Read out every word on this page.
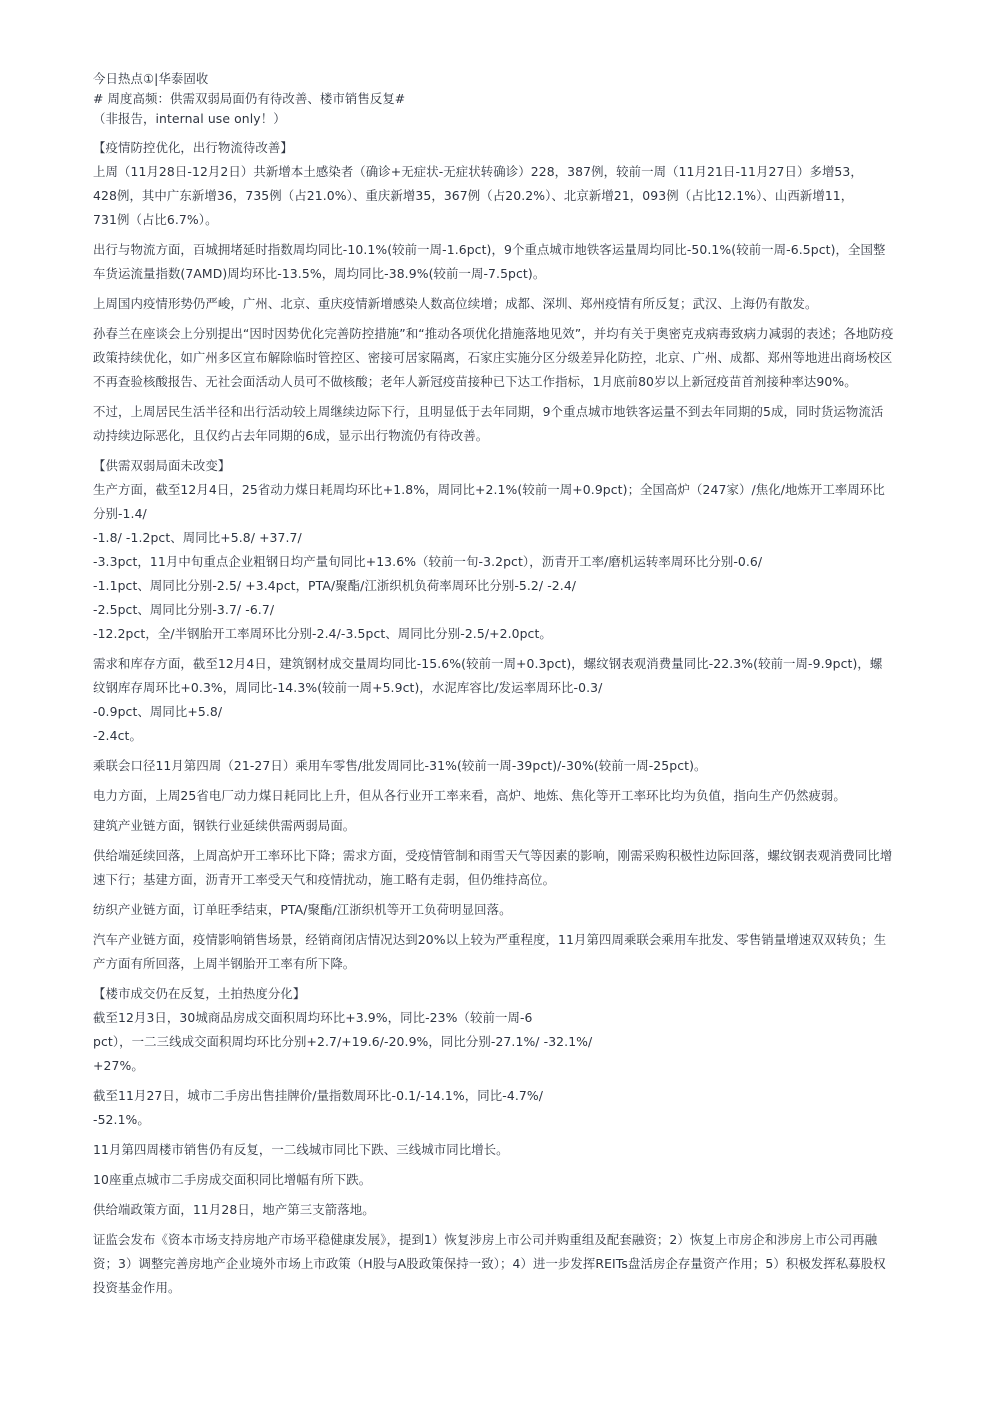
今日热点①|华泰固收
# 周度高频：供需双弱局面仍有待改善、楼市销售反复#
（非报告，internal use only！）
【疫情防控优化，出行物流待改善】
上周（11月28日-12月2日）共新增本土感染者（确诊+无症状-无症状转确诊）228，387例，较前一周（11月21日-11月27日）多增53，
428例，其中广东新增36，735例（占21.0%）、重庆新增35，367例（占20.2%）、北京新增21，093例（占比12.1%）、山西新增11，
731例（占比6.7%）。
出行与物流方面，百城拥堵延时指数周均同比-10.1%(较前一周-1.6pct)，9个重点城市地铁客运量周均同比-50.1%(较前一周-6.5pct)，全国整
车货运流量指数(7AMD)周均环比-13.5%，周均同比-38.9%(较前一周-7.5pct)。
上周国内疫情形势仍严峻，广州、北京、重庆疫情新增感染人数高位续增；成都、深圳、郑州疫情有所反复；武汉、上海仍有散发。
孙春兰在座谈会上分别提出“因时因势优化完善防控措施”和“推动各项优化措施落地见效”，并均有关于奥密克戎病毒致病力减弱的表述；各地防疫
政策持续优化，如广州多区宣布解除临时管控区、密接可居家隔离，石家庄实施分区分级差异化防控，北京、广州、成都、郑州等地进出商场校区
不再查验核酸报告、无社会面活动人员可不做核酸；老年人新冠疫苗接种已下达工作指标，1月底前80岁以上新冠疫苗首剂接种率达90%。
不过，上周居民生活半径和出行活动较上周继续边际下行，且明显低于去年同期，9个重点城市地铁客运量不到去年同期的5成，同时货运物流活
动持续边际恶化，且仅约占去年同期的6成，显示出行物流仍有待改善。
【供需双弱局面未改变】
生产方面，截至12月4日，25省动力煤日耗周均环比+1.8%，周同比+2.1%(较前一周+0.9pct)；全国高炉（247家）/焦化/地炼开工率周环比
分别-1.4/
-1.8/ -1.2pct、周同比+5.8/ +37.7/
-3.3pct，11月中旬重点企业粗钢日均产量旬同比+13.6%（较前一旬-3.2pct），沥青开工率/磨机运转率周环比分别-0.6/
-1.1pct、周同比分别-2.5/ +3.4pct，PTA/聚酯/江浙织机负荷率周环比分别-5.2/ -2.4/
-2.5pct、周同比分别-3.7/ -6.7/
-12.2pct，全/半钢胎开工率周环比分别-2.4/-3.5pct、周同比分别-2.5/+2.0pct。
需求和库存方面，截至12月4日，建筑钢材成交量周均同比-15.6%(较前一周+0.3pct)，螺纹钢表观消费量同比-22.3%(较前一周-9.9pct)，螺
纹钢库存周环比+0.3%，周同比-14.3%(较前一周+5.9ct)，水泥库容比/发运率周环比-0.3/
-0.9pct、周同比+5.8/
-2.4ct。
乘联会口径11月第四周（21-27日）乘用车零售/批发周同比-31%(较前一周-39pct)/-30%(较前一周-25pct)。
电力方面，上周25省电厂动力煤日耗同比上升，但从各行业开工率来看，高炉、地炼、焦化等开工率环比均为负值，指向生产仍然疲弱。
建筑产业链方面，钢铁行业延续供需两弱局面。
供给端延续回落，上周高炉开工率环比下降；需求方面，受疫情管制和雨雪天气等因素的影响，刚需采购积极性边际回落，螺纹钢表观消费同比增
速下行；基建方面，沥青开工率受天气和疫情扰动，施工略有走弱，但仍维持高位。
纺织产业链方面，订单旺季结束，PTA/聚酯/江浙织机等开工负荷明显回落。
汽车产业链方面，疫情影响销售场景，经销商闭店情况达到20%以上较为严重程度，11月第四周乘联会乘用车批发、零售销量增速双双转负；生
产方面有所回落，上周半钢胎开工率有所下降。
【楼市成交仍在反复，土拍热度分化】
截至12月3日，30城商品房成交面积周均环比+3.9%，同比-23%（较前一周-6
pct），一二三线成交面积周均环比分别+2.7/+19.6/-20.9%，同比分别-27.1%/ -32.1%/
+27%。
截至11月27日，城市二手房出售挂牌价/量指数周环比-0.1/-14.1%，同比-4.7%/
-52.1%。
11月第四周楼市销售仍有反复，一二线城市同比下跌、三线城市同比增长。
10座重点城市二手房成交面积同比增幅有所下跌。
供给端政策方面，11月28日，地产第三支箭落地。
证监会发布《资本市场支持房地产市场平稳健康发展》，提到1）恢复涉房上市公司并购重组及配套融资；2）恢复上市房企和涉房上市公司再融
资；3）调整完善房地产企业境外市场上市政策（H股与A股政策保持一致）；4）进一步发挥REITs盘活房企存量资产作用；5）积极发挥私募股权
投资基金作用。
